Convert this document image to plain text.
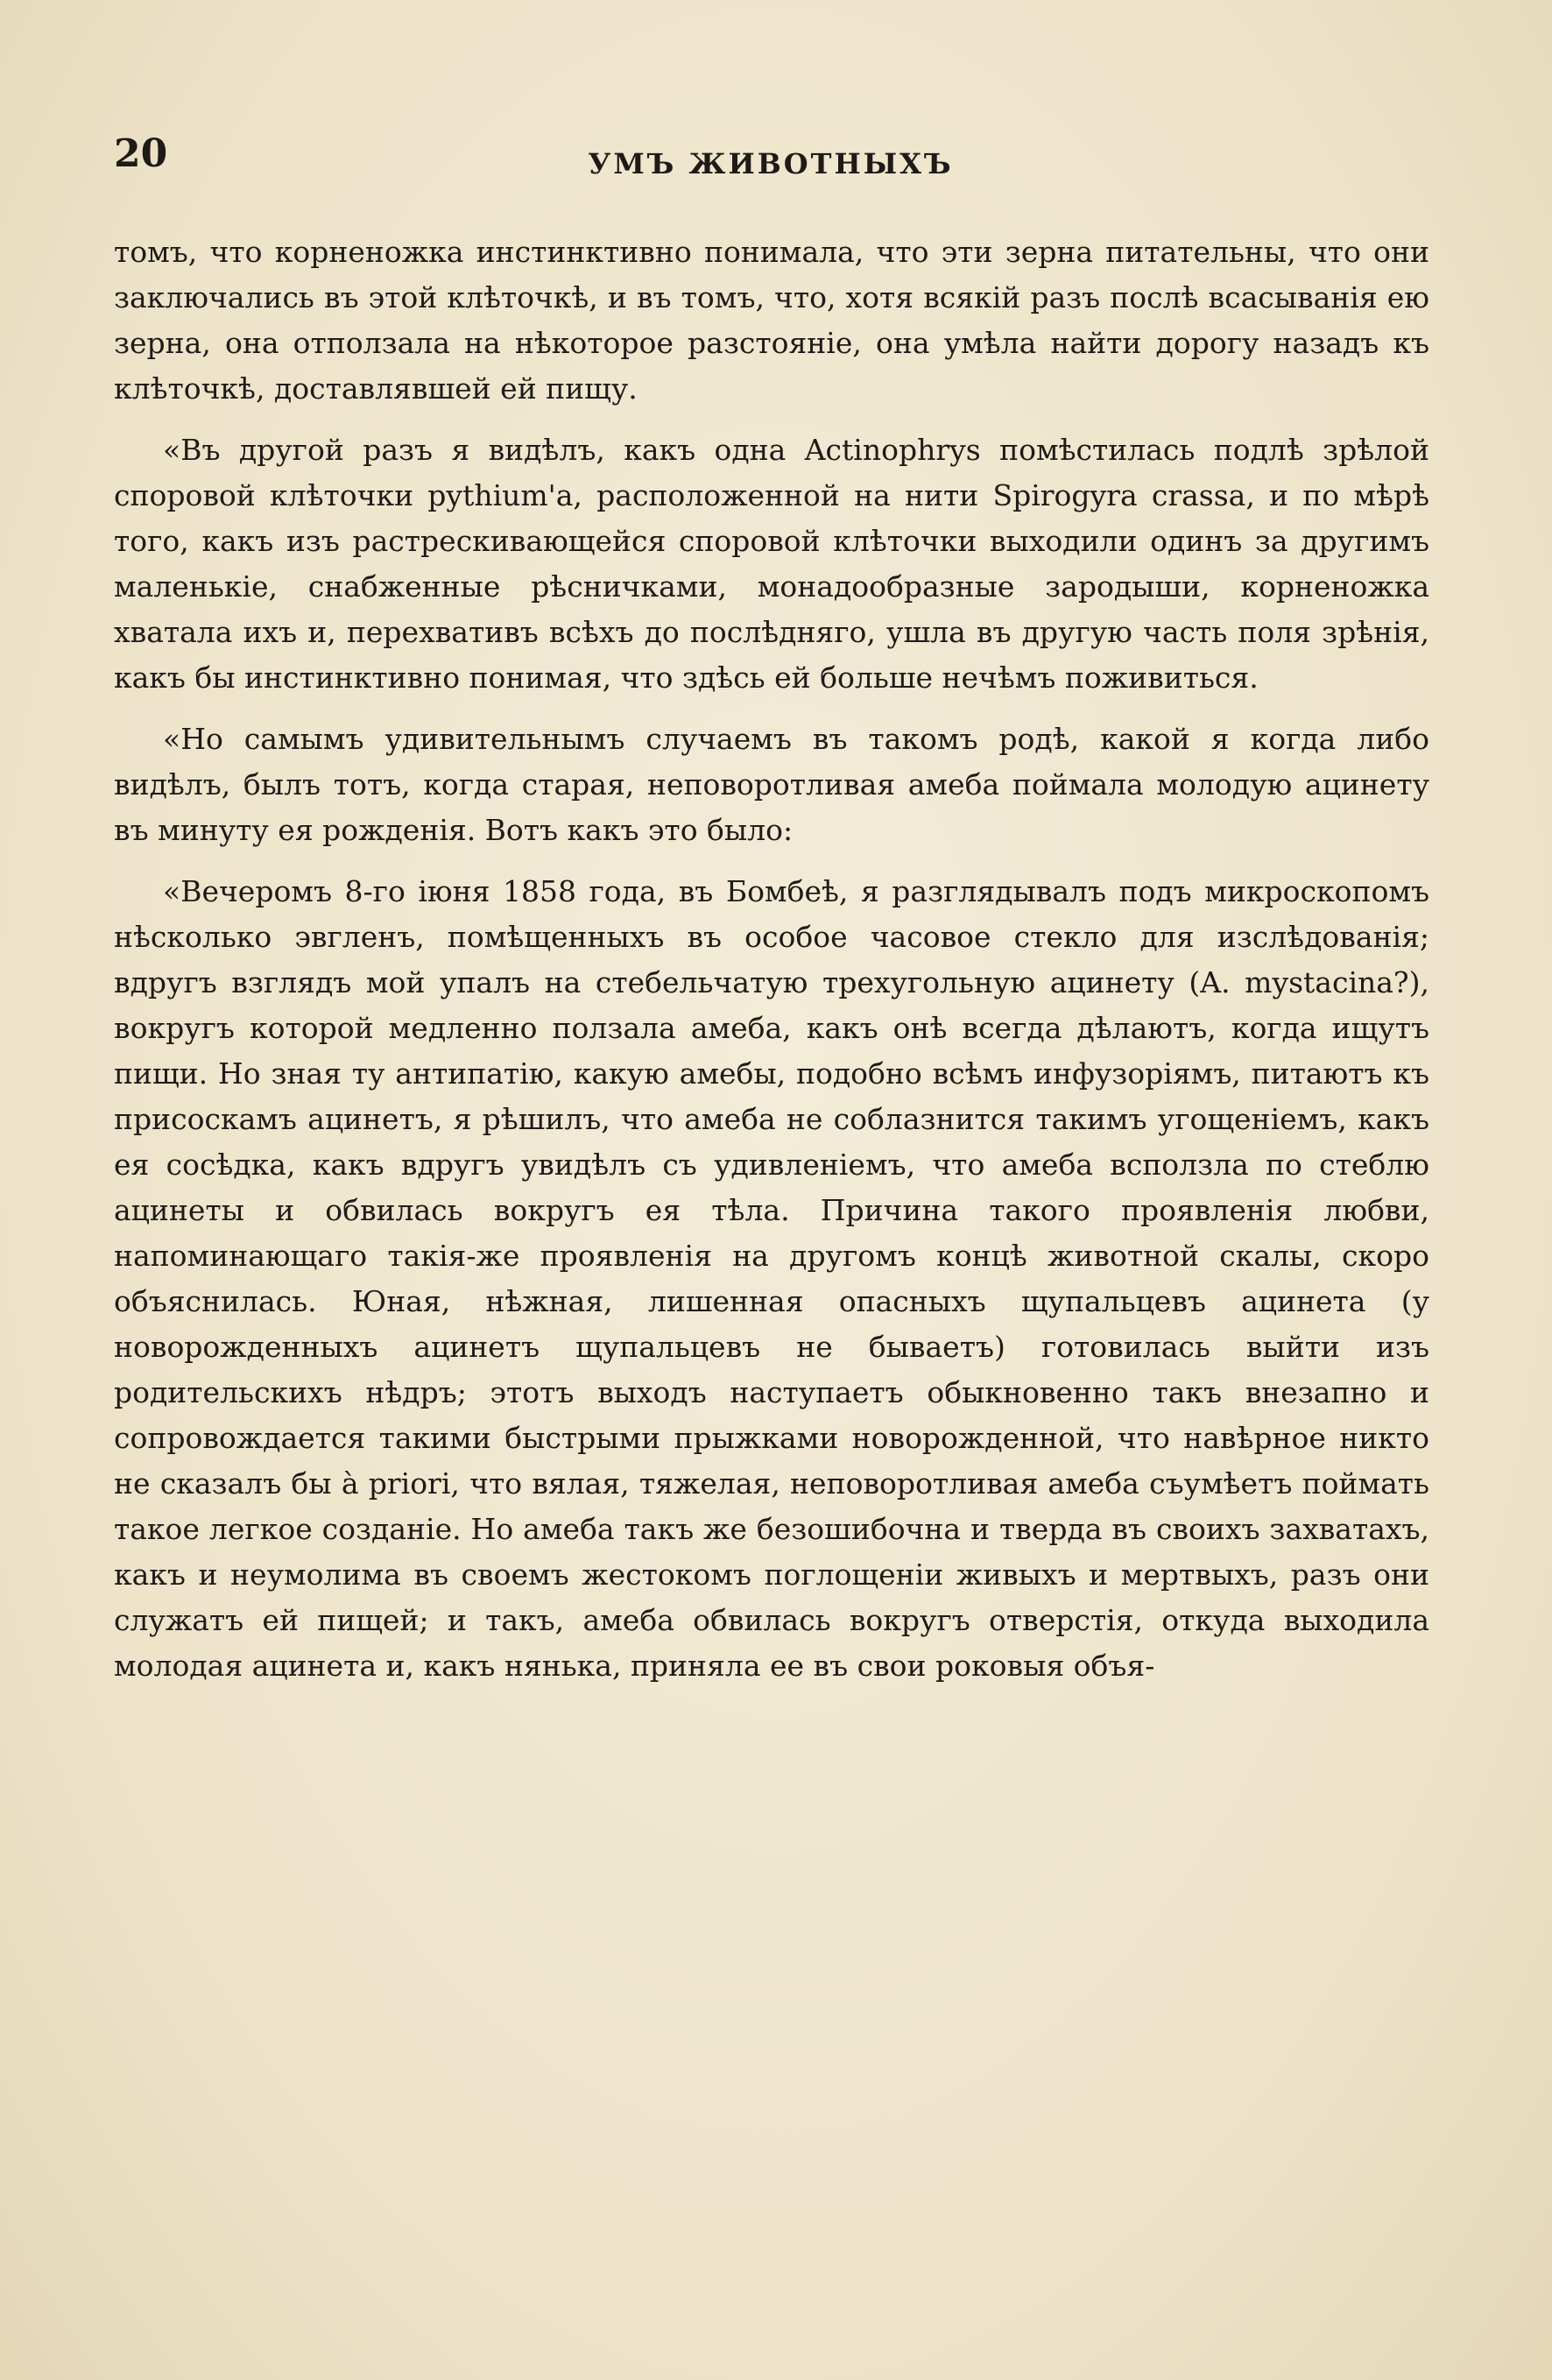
20	УМЪ ЖИВОТНЫХЪ

томъ, что корненожка инстинктивно понимала, что эти зерна питательны, что они заключались въ этой клѣточкѣ, и въ томъ, что, хотя всякій разъ послѣ всасыванія ею зерна, она отползала на нѣкоторое разстояніе, она умѣла найти дорогу назадъ къ клѣточкѣ, доставлявшей ей пищу.

«Въ другой разъ я видѣлъ, какъ одна Actinophrys помѣстилась подлѣ зрѣлой споровой клѣточки pythium'а, расположенной на нити Spirogyra crassa, и по мѣрѣ того, какъ изъ растрескивающейся споровой клѣточки выходили одинъ за другимъ маленькіе, снабженные рѣсничками, монадообразные зародыши, корненожка хватала ихъ и, перехвативъ всѣхъ до послѣдняго, ушла въ другую часть поля зрѣнія, какъ бы инстинктивно понимая, что здѣсь ей больше нечѣмъ поживиться.

«Но самымъ удивительнымъ случаемъ въ такомъ родѣ, какой я когда либо видѣлъ, былъ тотъ, когда старая, неповоротливая амеба поймала молодую ацинету въ минуту ея рожденія. Вотъ какъ это было:

«Вечеромъ 8-го іюня 1858 года, въ Бомбеѣ, я разглядывалъ подъ микроскопомъ нѣсколько эвгленъ, помѣщенныхъ въ особое часовое стекло для изслѣдованія; вдругъ взглядъ мой упалъ на стебельчатую трехугольную ацинету (A. mystacina?), вокругъ которой медленно ползала амеба, какъ онѣ всегда дѣлаютъ, когда ищутъ пищи. Но зная ту антипатію, какую амебы, подобно всѣмъ инфузоріямъ, питаютъ къ присоскамъ ацинетъ, я рѣшилъ, что амеба не соблазнится такимъ угощеніемъ, какъ ея сосѣдка, какъ вдругъ увидѣлъ съ удивленіемъ, что амеба всползла по стеблю ацинеты и обвилась вокругъ ея тѣла. Причина такого проявленія любви, напоминающаго такія-же проявленія на другомъ концѣ животной скалы, скоро объяснилась. Юная, нѣжная, лишенная опасныхъ щупальцевъ ацинета (у новорожденныхъ ацинетъ щупальцевъ не бываетъ) готовилась выйти изъ родительскихъ нѣдръ; этотъ выходъ наступаетъ обыкновенно такъ внезапно и сопровождается такими быстрыми прыжками новорожденной, что навѣрное никто не сказалъ бы à priori, что вялая, тяжелая, неповоротливая амеба съумѣетъ поймать такое легкое созданіе. Но амеба такъ же безошибочна и тверда въ своихъ захватахъ, какъ и неумолима въ своемъ жестокомъ поглощеніи живыхъ и мертвыхъ, разъ они служатъ ей пищей; и такъ, амеба обвилась вокругъ отверстія, откуда выходила молодая ацинета и, какъ нянька, приняла ее въ свои роковыя объя-
